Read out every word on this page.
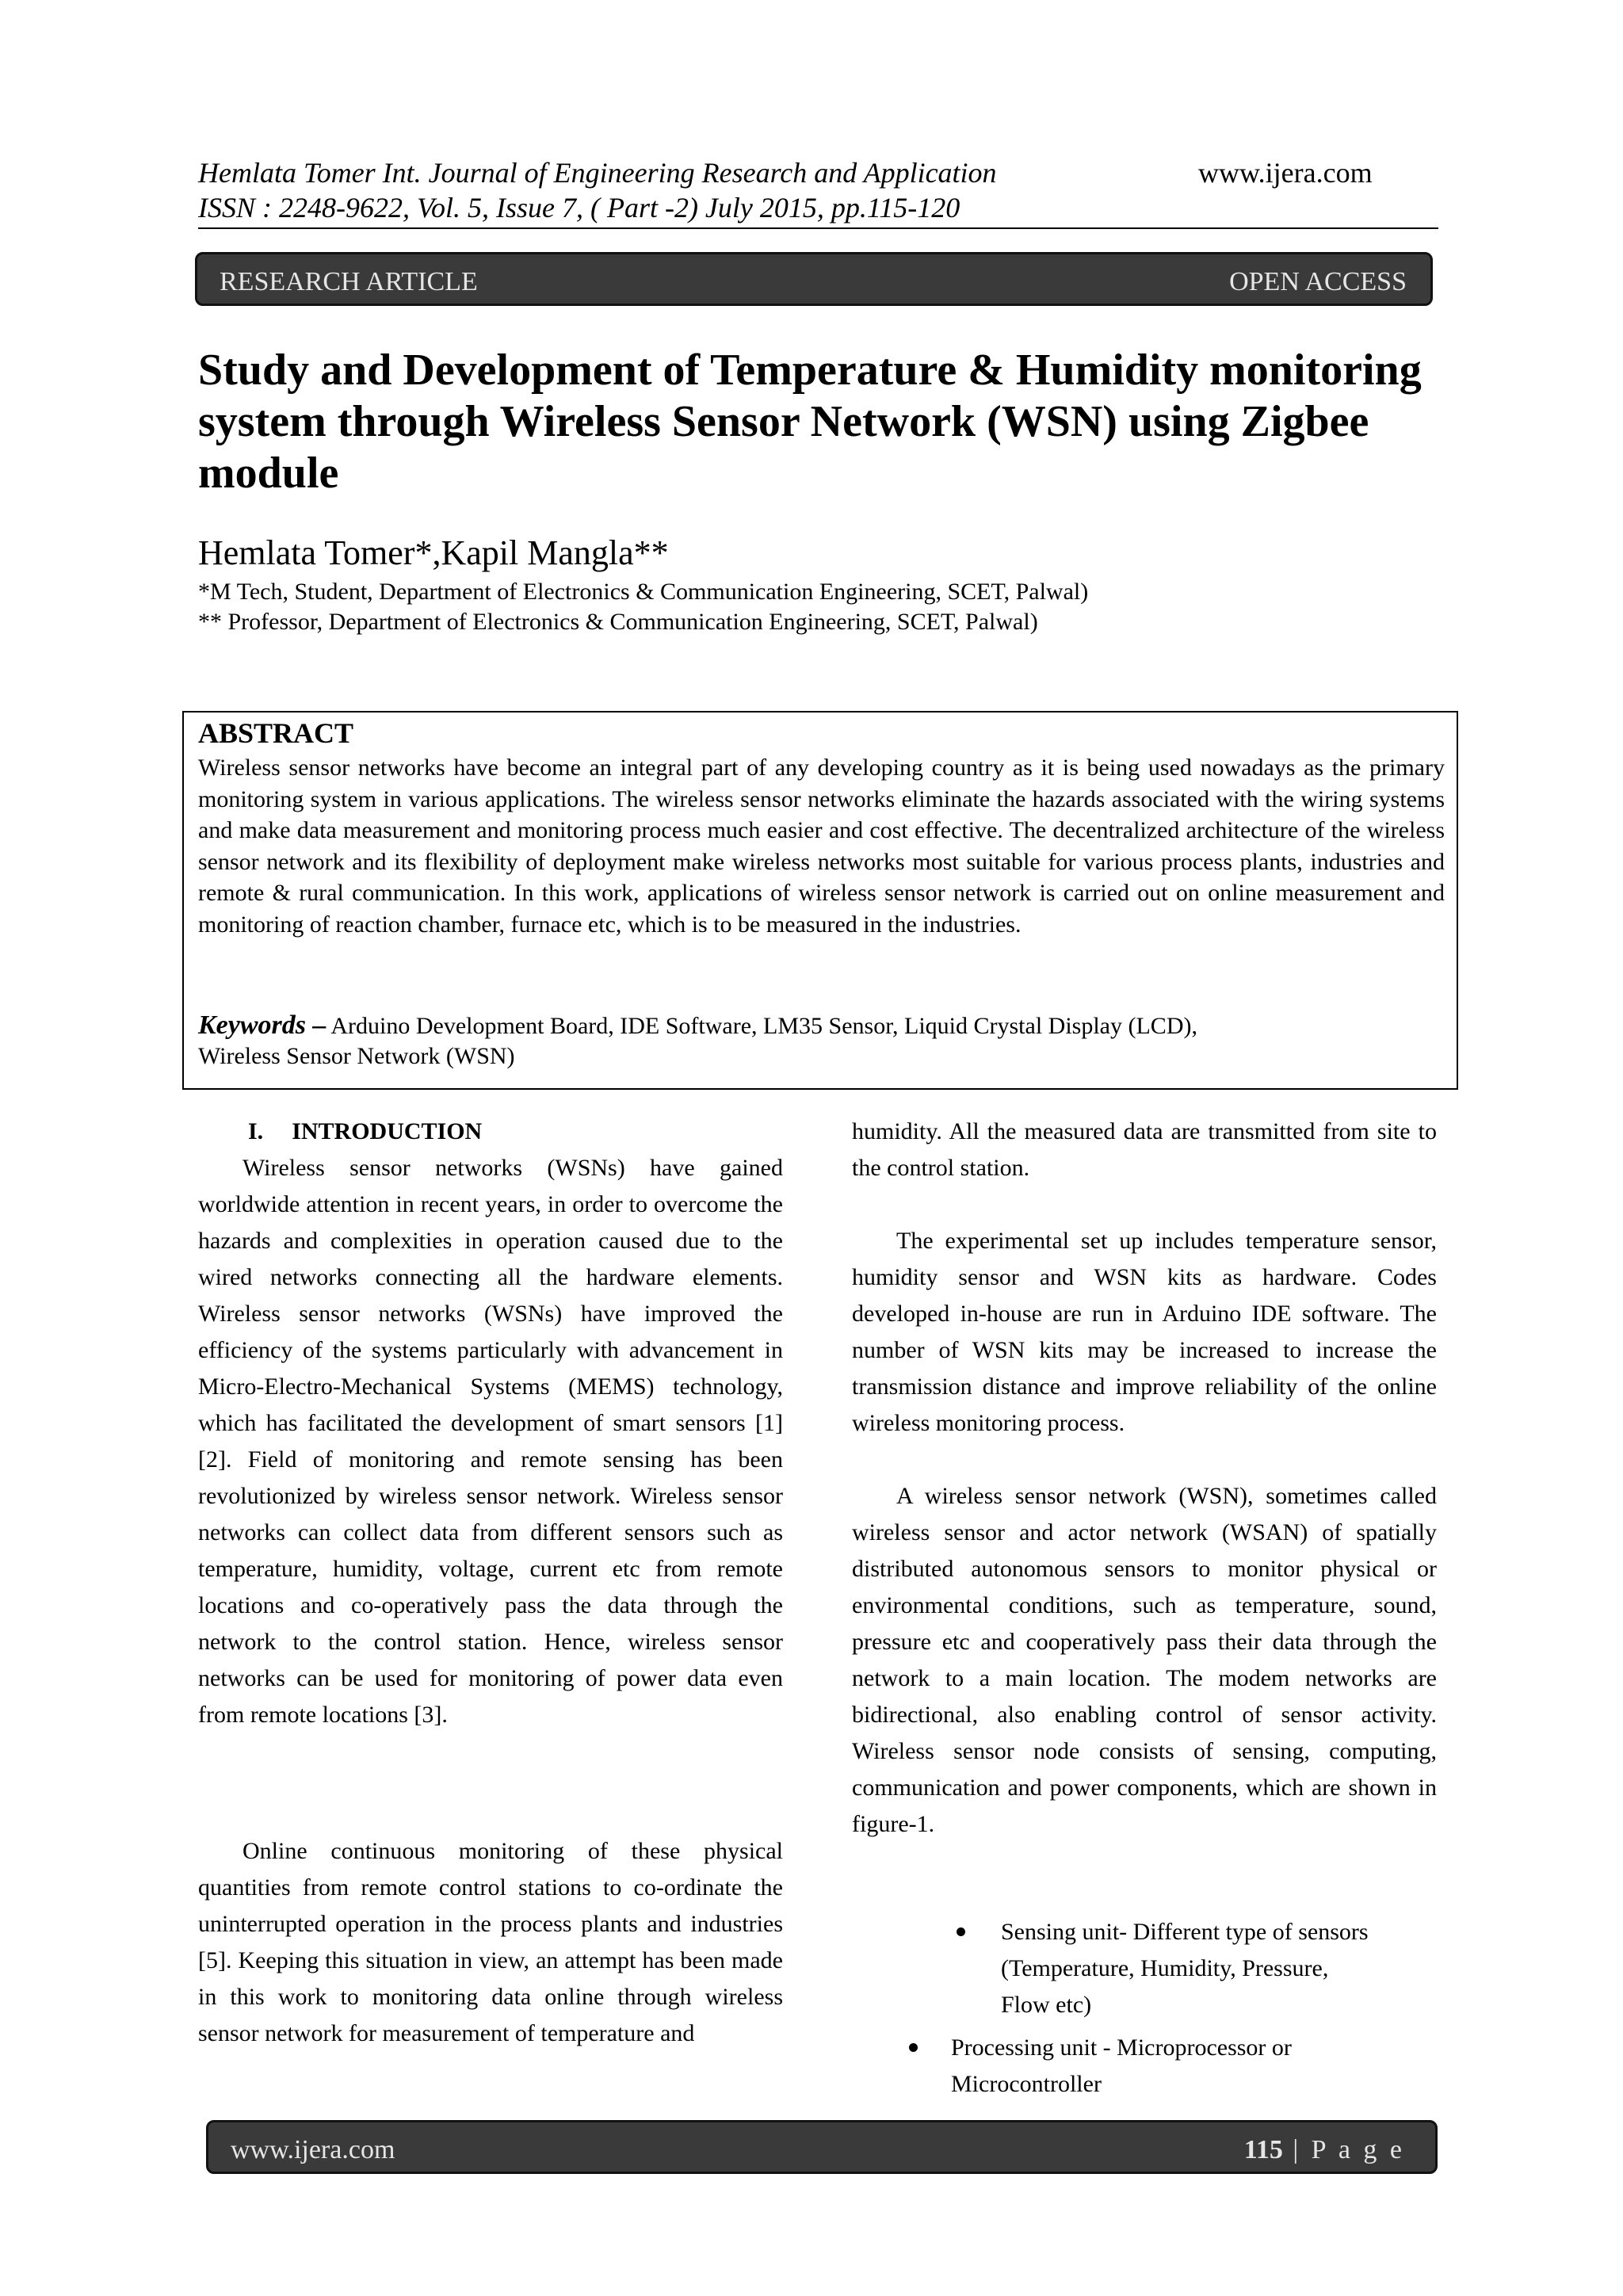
Hemlata Tomer Int. Journal of Engineering Research and Application	www.ijera.com
ISSN : 2248-9622, Vol. 5, Issue 7, ( Part -2) July 2015, pp.115-120
RESEARCH ARTICLE	OPEN ACCESS
Study and Development of Temperature & Humidity monitoring
system through Wireless Sensor Network (WSN) using Zigbee
module
Hemlata Tomer*,Kapil Mangla**
*M Tech, Student, Department of Electronics & Communication Engineering, SCET, Palwal)
** Professor, Department of Electronics & Communication Engineering, SCET, Palwal)
ABSTRACT
Wireless sensor networks have become an integral part of any developing country as it is being used nowadays as the primary monitoring system in various applications. The wireless sensor networks eliminate the hazards associated with the wiring systems and make data measurement and monitoring process much easier and cost effective. The decentralized architecture of the wireless sensor network and its flexibility of deployment make wireless networks most suitable for various process plants, industries and remote & rural communication. In this work, applications of wireless sensor network is carried out on online measurement and monitoring of reaction chamber, furnace etc, which is to be measured in the industries.
Keywords – Arduino Development Board, IDE Software, LM35 Sensor, Liquid Crystal Display (LCD),
Wireless Sensor Network (WSN)
I. INTRODUCTION
Wireless sensor networks (WSNs) have gained worldwide attention in recent years, in order to overcome the hazards and complexities in operation caused due to the wired networks connecting all the hardware elements. Wireless sensor networks (WSNs) have improved the efficiency of the systems particularly with advancement in Micro-Electro-Mechanical Systems (MEMS) technology, which has facilitated the development of smart sensors [1][2]. Field of monitoring and remote sensing has been revolutionized by wireless sensor network. Wireless sensor networks can collect data from different sensors such as temperature, humidity, voltage, current etc from remote locations and co-operatively pass the data through the network to the control station. Hence, wireless sensor networks can be used for monitoring of power data even from remote locations [3].
Online continuous monitoring of these physical quantities from remote control stations to co-ordinate the uninterrupted operation in the process plants and industries [5]. Keeping this situation in view, an attempt has been made in this work to monitoring data online through wireless sensor network for measurement of temperature and
humidity. All the measured data are transmitted from site to the control station.
The experimental set up includes temperature sensor, humidity sensor and WSN kits as hardware. Codes developed in-house are run in Arduino IDE software. The number of WSN kits may be increased to increase the transmission distance and improve reliability of the online wireless monitoring process.
A wireless sensor network (WSN), sometimes called wireless sensor and actor network (WSAN) of spatially distributed autonomous sensors to monitor physical or environmental conditions, such as temperature, sound, pressure etc and cooperatively pass their data through the network to a main location. The modem networks are bidirectional, also enabling control of sensor activity. Wireless sensor node consists of sensing, computing, communication and power components, which are shown in figure-1.
Sensing unit- Different type of sensors
(Temperature, Humidity, Pressure,
Flow etc)
Processing unit - Microprocessor or
Microcontroller
www.ijera.com	115 | P a g e
